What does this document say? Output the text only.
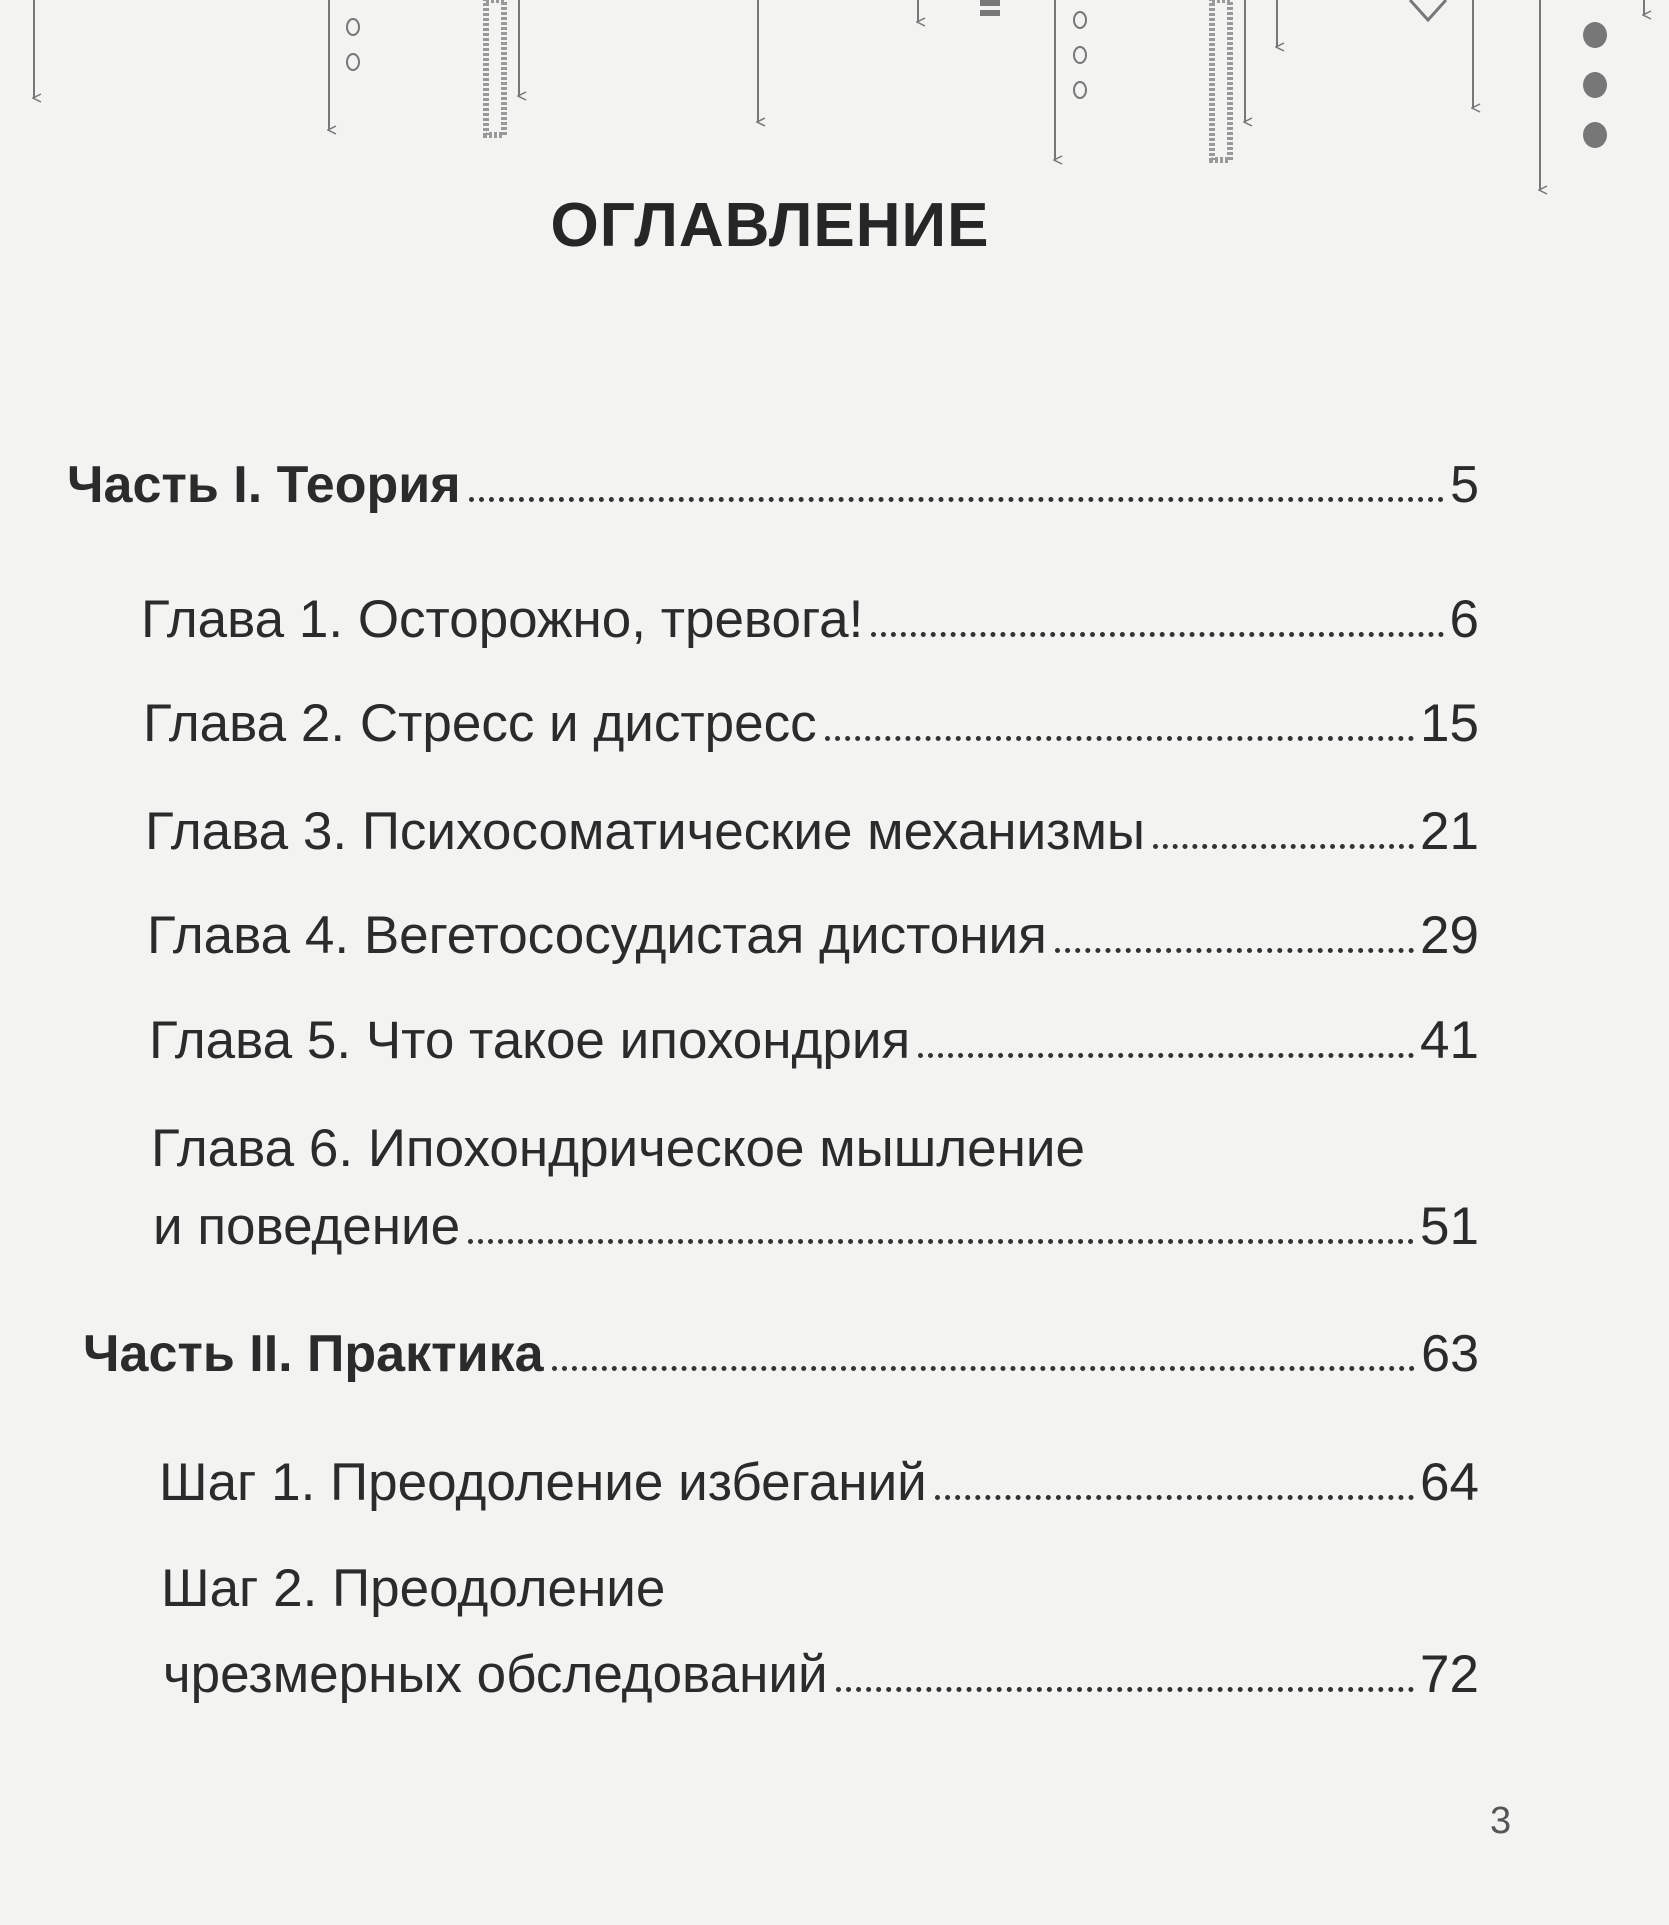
ОГЛАВЛЕНИЕ
Часть I. Теория	5
Глава 1. Осторожно, тревога!	6
Глава 2. Стресс и дистресс	15
Глава 3. Психосоматические механизмы	21
Глава 4. Вегетососудистая дистония	29
Глава 5. Что такое ипохондрия	41
Глава 6. Ипохондрическое мышление
и поведение	51
Часть II. Практика	63
Шаг 1. Преодоление избеганий	64
Шаг 2. Преодоление
чрезмерных обследований	72
3
